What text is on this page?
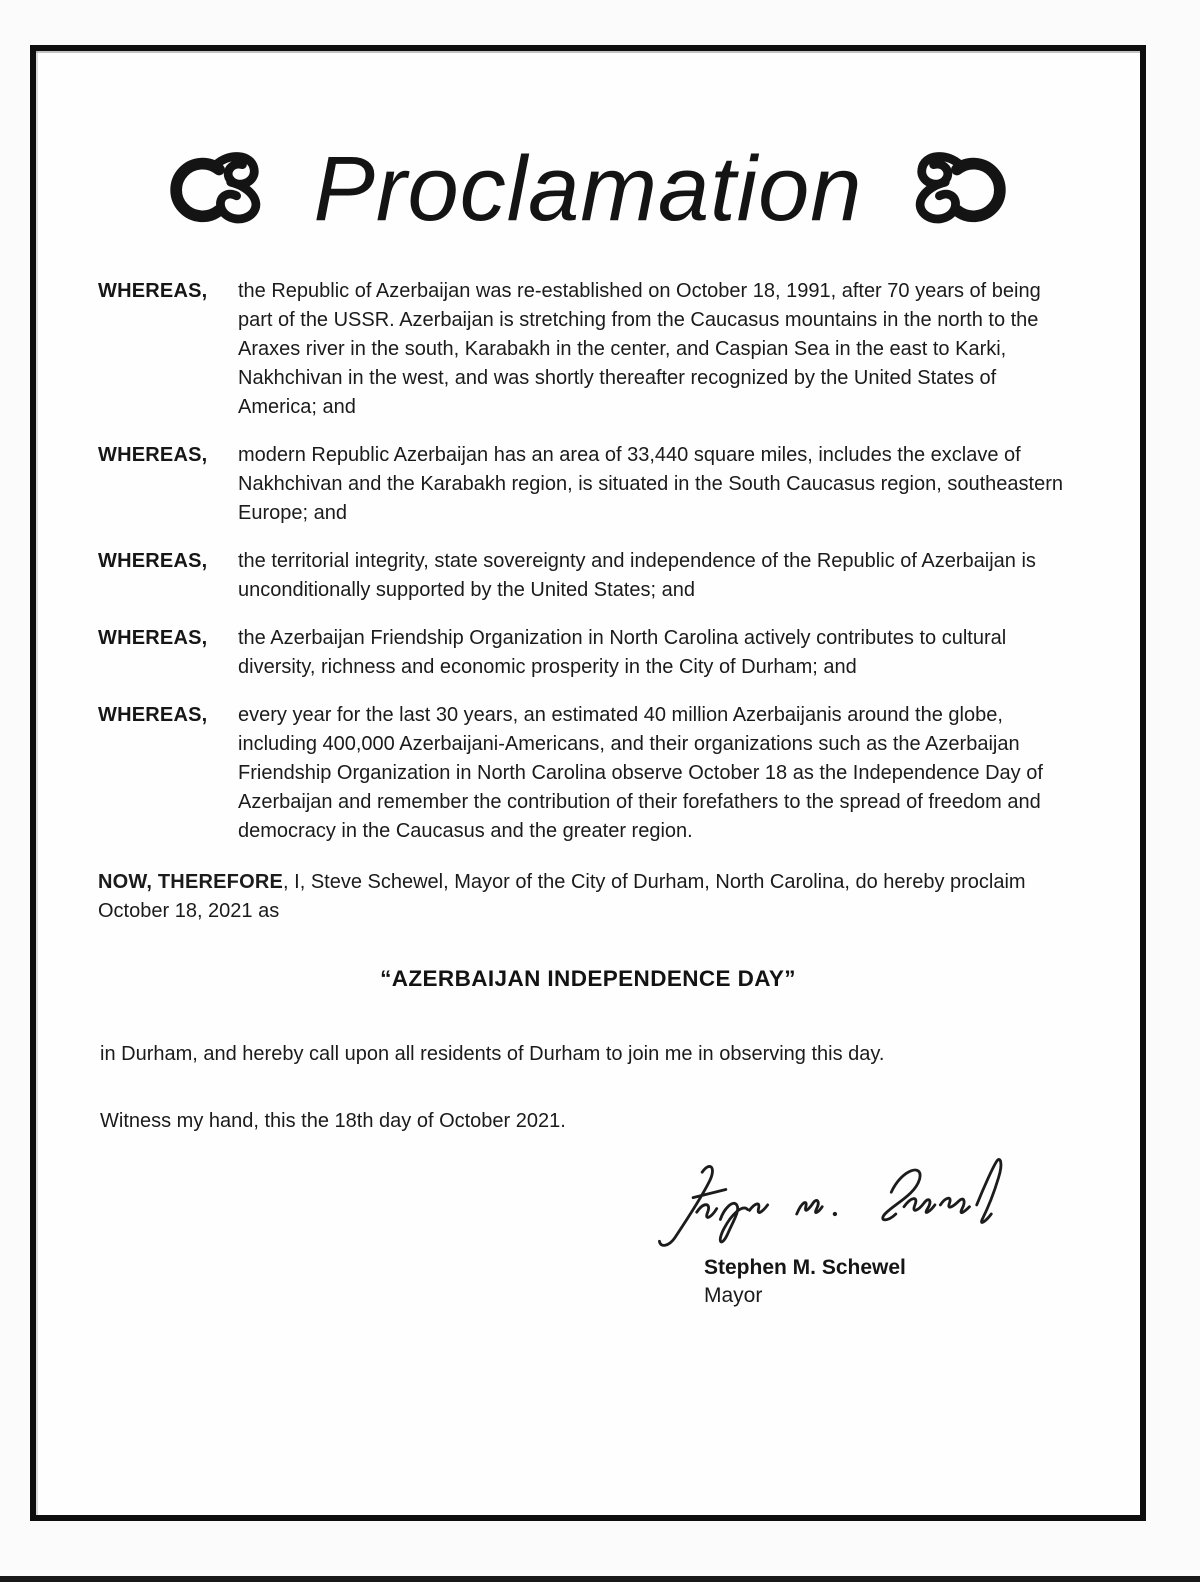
Proclamation
WHEREAS,	the Republic of Azerbaijan was re-established on October 18, 1991, after 70 years of being part of the USSR. Azerbaijan is stretching from the Caucasus mountains in the north to the Araxes river in the south, Karabakh in the center, and Caspian Sea in the east to Karki, Nakhchivan in the west, and was shortly thereafter recognized by the United States of America; and
WHEREAS,	modern Republic Azerbaijan has an area of 33,440 square miles, includes the exclave of Nakhchivan and the Karabakh region, is situated in the South Caucasus region, southeastern Europe; and
WHEREAS,	the territorial integrity, state sovereignty and independence of the Republic of Azerbaijan is unconditionally supported by the United States; and
WHEREAS,	the Azerbaijan Friendship Organization in North Carolina actively contributes to cultural diversity, richness and economic prosperity in the City of Durham; and
WHEREAS,	every year for the last 30 years, an estimated 40 million Azerbaijanis around the globe, including 400,000 Azerbaijani-Americans, and their organizations such as the Azerbaijan Friendship Organization in North Carolina observe October 18 as the Independence Day of Azerbaijan and remember the contribution of their forefathers to the spread of freedom and democracy in the Caucasus and the greater region.
NOW, THEREFORE, I, Steve Schewel, Mayor of the City of Durham, North Carolina, do hereby proclaim October 18, 2021 as
“AZERBAIJAN INDEPENDENCE DAY”
in Durham, and hereby call upon all residents of Durham to join me in observing this day.
Witness my hand, this the 18th day of October 2021.
Stephen M. Schewel
Mayor
